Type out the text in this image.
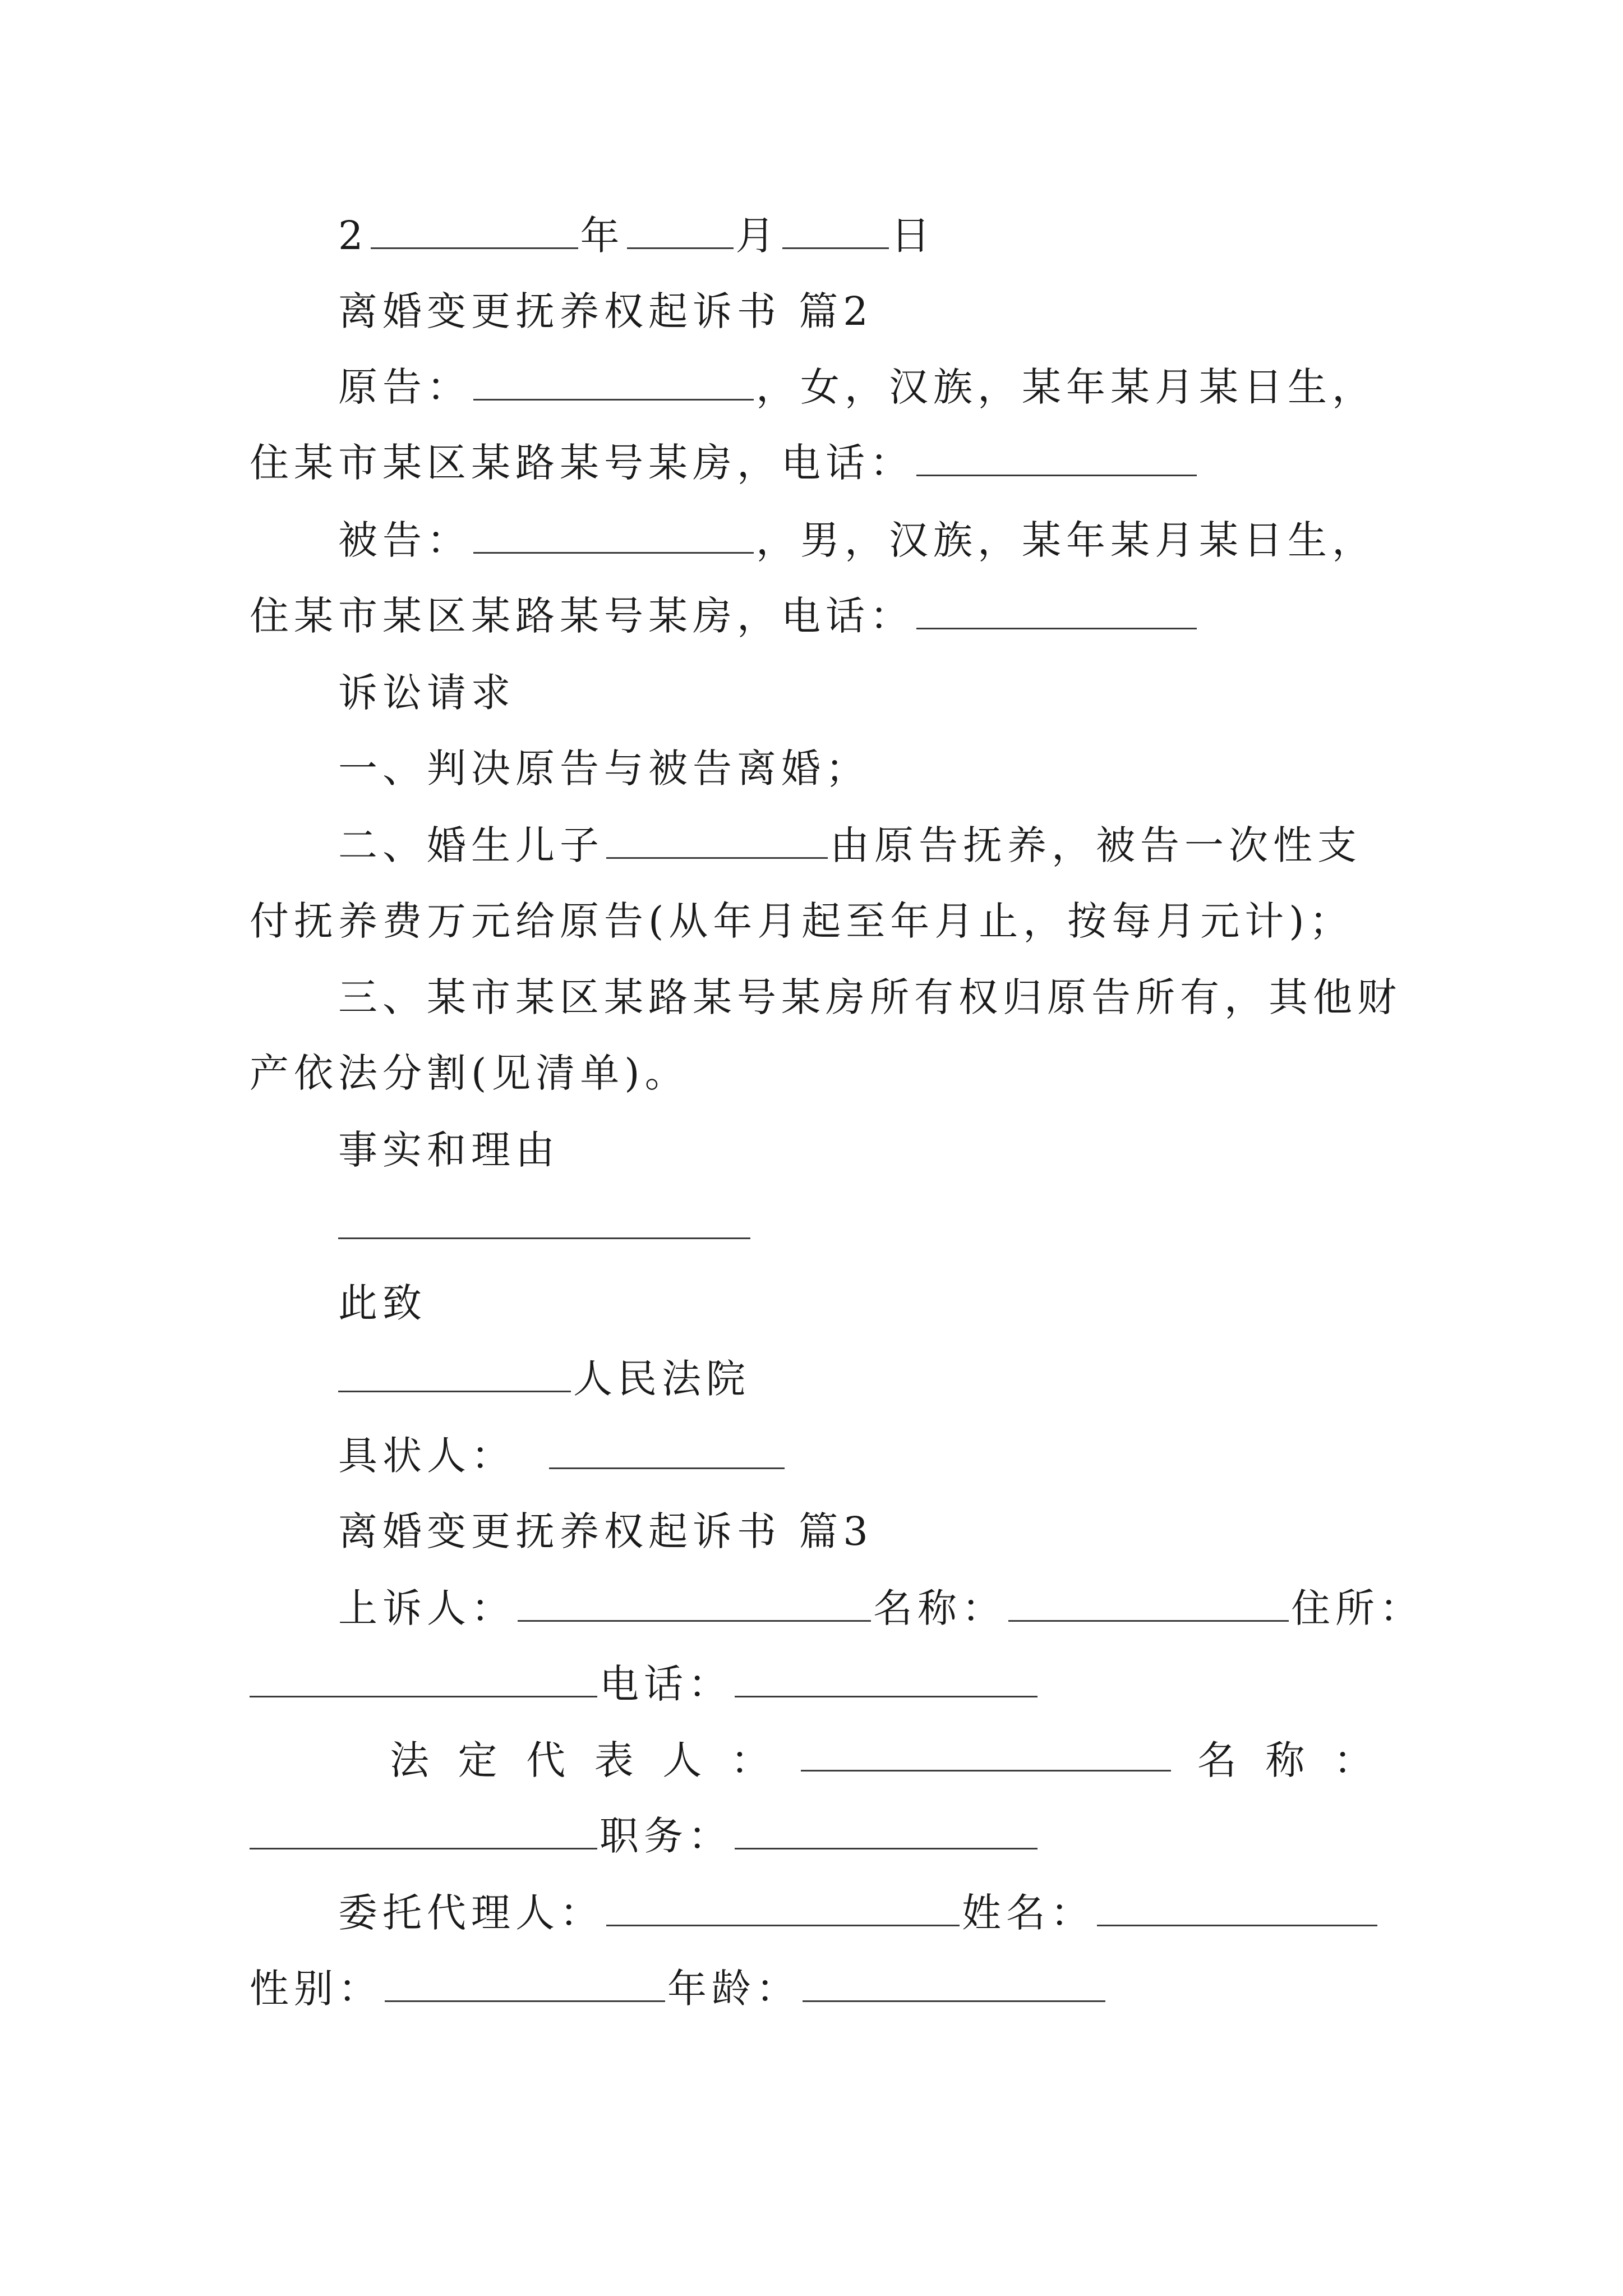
2	年	月	日
离婚变更抚养权起诉书 篇2
原告：	，女，汉族，某年某月某日生，
住某市某区某路某号某房，电话：
被告：	，男，汉族，某年某月某日生，
住某市某区某路某号某房，电话：
诉讼请求
一、判决原告与被告离婚；
二、婚生儿子	由原告抚养，被告一次性支
付抚养费万元给原告(从年月起至年月止，按每月元计)；
三、某市某区某路某号某房所有权归原告所有，其他财
产依法分割(见清单)。
事实和理由
此致
人民法院
具状人：
离婚变更抚养权起诉书 篇3
上诉人：	名称：	住所：
电话：
法 定 代 表 人 ：	名 称 ：
职务：
委托代理人：	姓名：
性别：	年龄：
